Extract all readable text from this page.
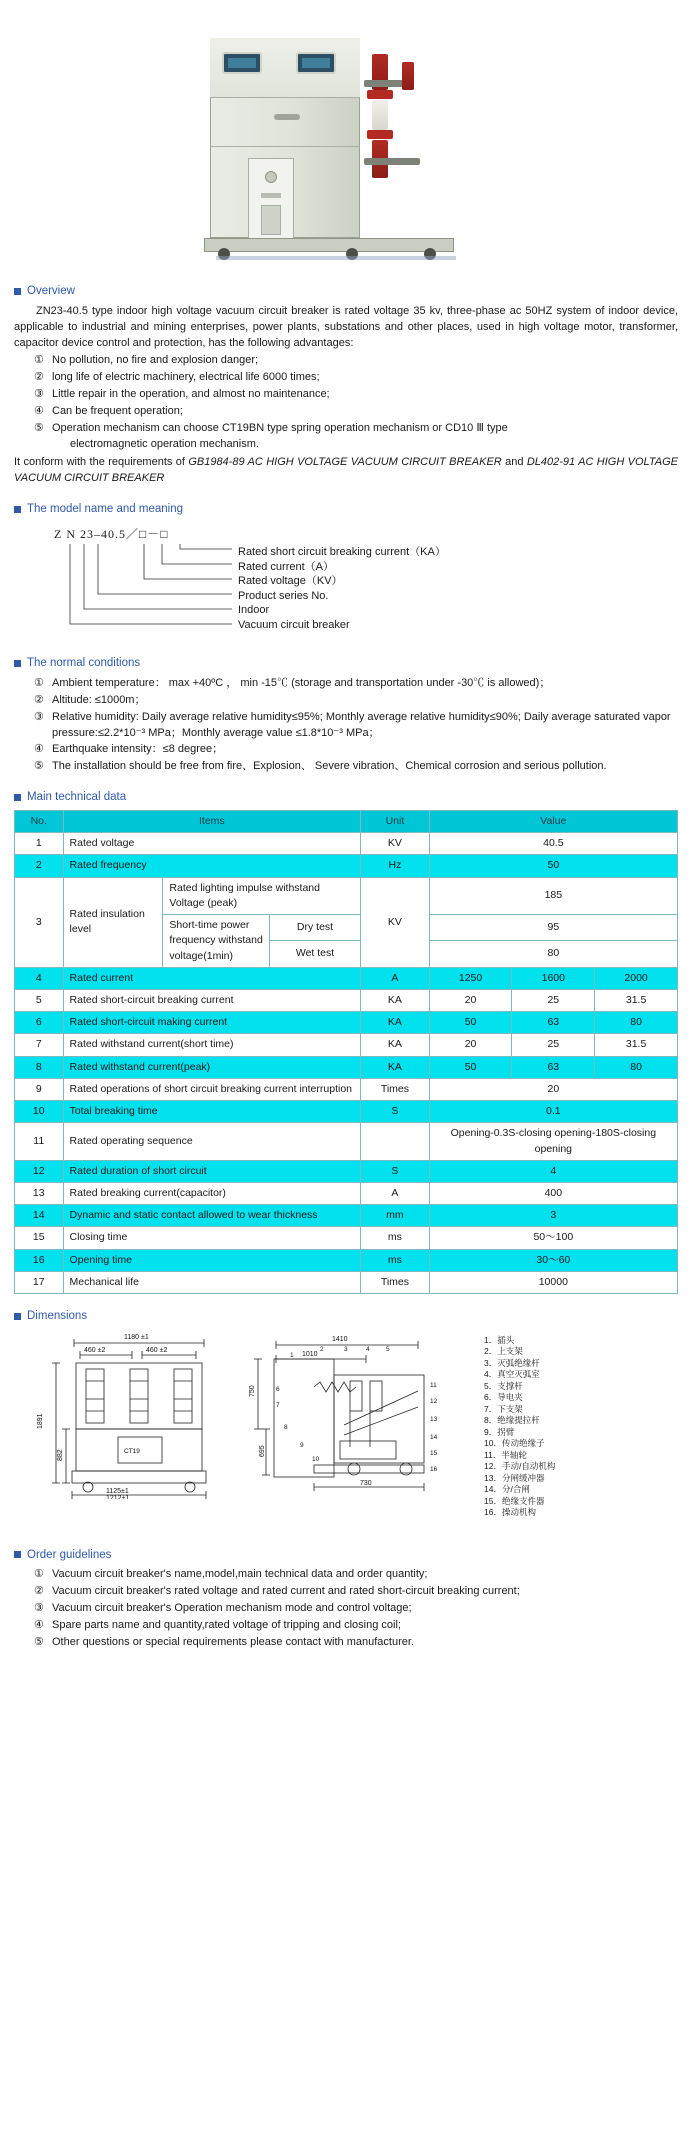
Overview

ZN23-40.5 type indoor high voltage vacuum circuit breaker is rated voltage 35 kv, three-phase ac 50HZ system of indoor device, applicable to industrial and mining enterprises, power plants, substations and other places, used in high voltage motor, transformer, capacitor device control and protection, has the following advantages:

① No pollution, no fire and explosion danger;
② long life of electric machinery, electrical life 6000 times;
③ Little repair in the operation, and almost no maintenance;
④ Can be frequent operation;
⑤ Operation mechanism can choose CT19BN type spring operation mechanism or CD10 Ⅲ type
electromagnetic operation mechanism.

It conform with the requirements of GB1984-89 AC HIGH VOLTAGE VACUUM CIRCUIT BREAKER and DL402-91 AC HIGH VOLTAGE VACUUM CIRCUIT BREAKER

The model name and meaning
Z N 23–40.5／□－□
Rated short circuit breaking current（KA）
Rated current（A）
Rated voltage（KV）
Product series No.
Indoor
Vacuum circuit breaker
The normal conditions
① Ambient temperature： max +40ºC ， min -15℃ (storage and transportation under -30℃ is allowed)；
② Altitude: ≤1000m；
③ Relative humidity: Daily average relative humidity≤95%; Monthly average relative humidity≤90%; Daily average saturated vapor pressure:≤2.2*10⁻³ MPa；Monthly average value ≤1.8*10⁻³ MPa；
④ Earthquake intensity：≤8 degree；
⑤ The installation should be free from fire、Explosion、 Severe vibration、Chemical corrosion and serious pollution.
Main technical data
No.	Items			Unit	Value		
1	Rated voltage			KV	40.5		
2	Rated frequency			Hz	50		
3	Rated insulation level	Rated lighting impulse withstand Voltage (peak)		KV	185		
		Short-time power frequency withstand voltage(1min)	Dry test		95		
			Wet test		80		
4	Rated current			A	1250	1600	2000
5	Rated short-circuit breaking current			KA	20	25	31.5
6	Rated short-circuit making current			KA	50	63	80
7	Rated withstand current(short time)			KA	20	25	31.5
8	Rated withstand current(peak)			KA	50	63	80
9	Rated operations of short circuit breaking current interruption			Times	20		
10	Total breaking time			S	0.1		
11	Rated operating sequence				Opening-0.3S-closing opening-180S-closing opening		
12	Rated duration of short circuit			S	4		
13	Rated breaking current(capacitor)			A	400		
14	Dynamic and static contact allowed to wear thickness			mm	3		
15	Closing time			ms	50～100		
16	Opening time			ms	30～60		
17	Mechanical life			Times	10000		
Dimensions
1180 ±1
460 ±2	460 ±2
CT19
1891
882
1125±1
1212±1
1410
1010
750
695
730
1
2	3	4	5
6
7
8
9
10
11
12
13
14
15
16
1．插头
2．上支架
3．灭弧绝缘杆
4．真空灭弧室
5．支撑杆
6．导电夹
7．下支架
8．绝缘提拉杆
9．拐臂
10．传动绝缘子
11．半轴轮
12．手动/自动机构
13．分闸缓冲器
14．分/合闸
15．绝缘支件器
16．操动机构
Order guidelines
① Vacuum circuit breaker's name,model,main technical data and order quantity;
② Vacuum circuit breaker's rated voltage and rated current and rated short-circuit breaking current;
③ Vacuum circuit breaker's Operation mechanism mode and control voltage;
④ Spare parts name and quantity,rated voltage of tripping and closing coil;
⑤ Other questions or special requirements please contact with manufacturer.
